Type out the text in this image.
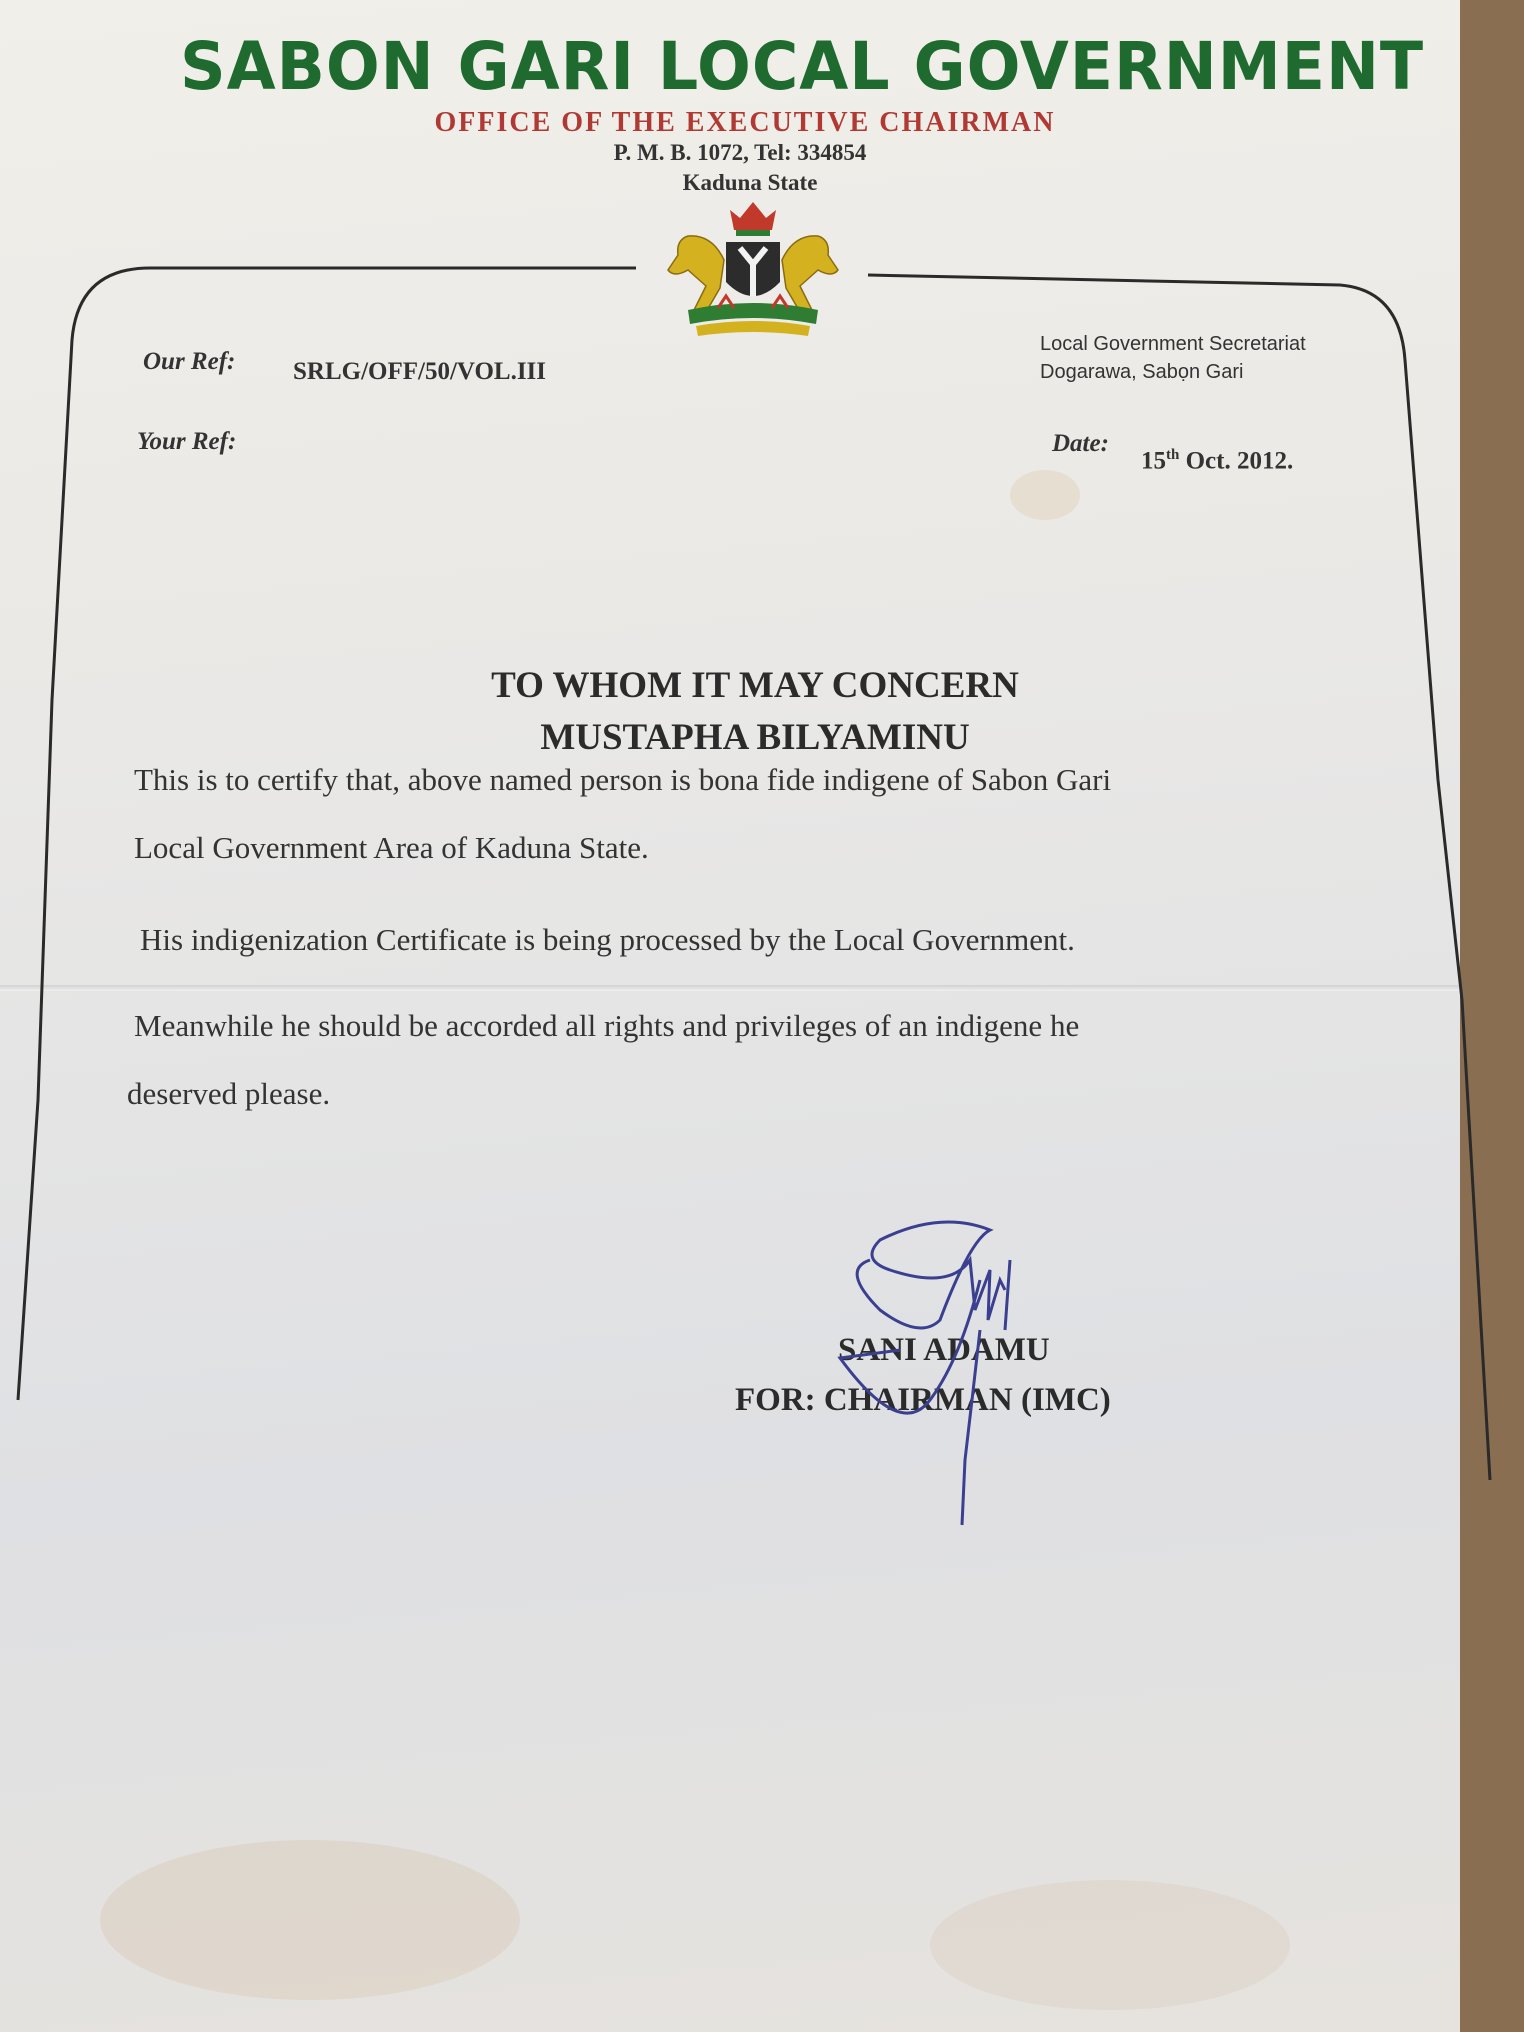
SABON GARI LOCAL GOVERNMENT
OFFICE OF THE EXECUTIVE CHAIRMAN
P. M. B. 1072, Tel: 334854
Kaduna State
Local Government Secretariat
Dogarawa, Sabọn Gari
Our Ref: SRLG/OFF/50/VOL.III
Your Ref:	Date:
15th Oct. 2012.
TO WHOM IT MAY CONCERN
MUSTAPHA BILYAMINU
This is to certify that, above named person is bona fide indigene of Sabon Gari
Local Government Area of Kaduna State.
His indigenization Certificate is being processed by the Local Government.
Meanwhile he should be accorded all rights and privileges of an indigene he
deserved please.
SANI ADAMU
FOR: CHAIRMAN (IMC)
